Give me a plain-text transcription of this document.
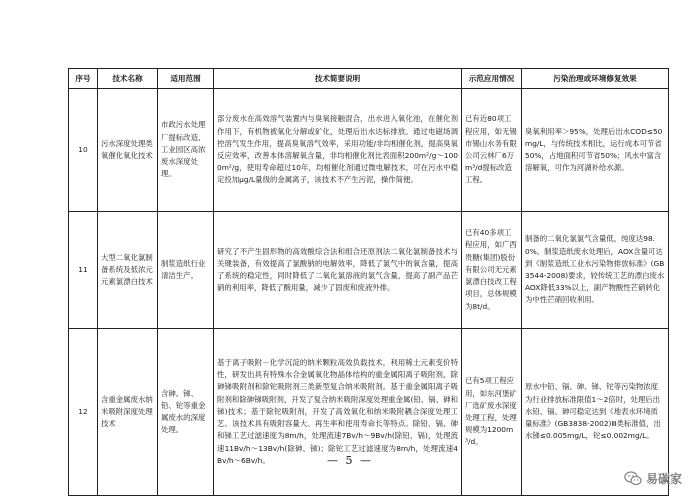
序号	技术名称	适用范围	技术简要说明	示范应用情况	污染治理或环境修复效果
10	污水深度处理类氧催化氧化技术	市政污水处理厂提标改造、工业园区高浓废水深度处理。	部分废水在高效溶气装置内与臭氧接触混合，出水进入氧化池，在催化剂作用下，有机物被氧化分解或矿化，处理后出水达标排放。通过电磁场调控溶气发生作用，提高臭氧溶气效率，采用功能/非均相催化剂，提高臭氧反应效率，改善本体溶解氧含量，非均相催化剂比表面积200m²/g～1000m²/g，使用寿命超过10年，均相催化剂通过微电解技术，可在污水中稳定投加μg/L量级的金属离子，该技术不产生污泥，操作简便。	已有近80项工程应用，如无锡市锡山水务有限公司云林厂6万m³/d提标改造工程。	臭氧利用率＞95%，处理后出水COD≤50mg/L，与传统技术相比，运行成本可节省50%，占地面积可节省50%；风水中富含溶解氧，可作为河湖补给水源。
11	大型二氧化氯制备系统及低浓元元素氯漂白技术	制浆造纸行业清洁生产。	研究了不产生固形物的高效酸综合法和组合还原剂法二氧化氯制备技术与关键装备，有效提高了氯酸钠的电解效率，降低了氯气中的氧含量，提高了系统的稳定性，同时降低了二氧化氯溶液的氯气含量，提高了副产品芒硝的利用率，降低了酸用量，减少了固废和废液外排。	已有40多项工程应用，如广西贵糖(集团)股份有限公司无元素氯漂白技改工程项目，总体规模为8t/d。	制备的二氧化氯氯气含量低，纯度达98.0%。制浆造纸废水处理后，AOX含量可达到《制浆造纸工业水污染物排放标准》(GB3544-2008)要求，较传统工艺的漂白废水AOX降低33%以上，副产物酸性芒硝转化为中性芒硝回收利用。
12	含重金属废水纳米吸附深度处理技术	含砷、锑、铅、铊等重金属废水的深度处理。	基于离子吸附－化学沉淀的纳米颗粒高效负载技术，利用稀土元素变价特性，研发出具有特殊水合金属氧化物晶体结构的重金属阳离子吸附剂，除砷锑吸附剂和除铊吸附剂三类新型复合纳米吸附剂。基于重金属阳离子吸附剂和除砷锑吸附剂，开发了复合纳米吸附深度处理重金属(铅、镉、砷和锑)技术；基于除铊吸附剂，开发了高效氧化和纳米吸附耦合深度处理工艺。该技术具有吸附容量大、再生率和使用寿命长等特点。除铅、镉、砷和锑工艺过滤速度为8m/h，处理流速7Bv/h～9Bv/h(除铅、镉)，处理流速11Bv/h～13Bv/h(除砷、锑)；除铊工艺过滤速度为8m/h，处理流速4Bv/h～6Bv/h。	已有5项工程应用，如东河堡矿厂选矿废水深度处理工程，处理规模为1200m³/d。	原水中铅、镉、砷、锑、铊等污染物浓度为行业排放标准限值1～2倍时，处理后出水铅、镉、砷可稳定达到《地表水环境质量标准》(GB3838-2002)Ⅲ类标准值，出水锑≤0.005mg/L，铊≤0.002mg/L。
— 5 —
易碳家
